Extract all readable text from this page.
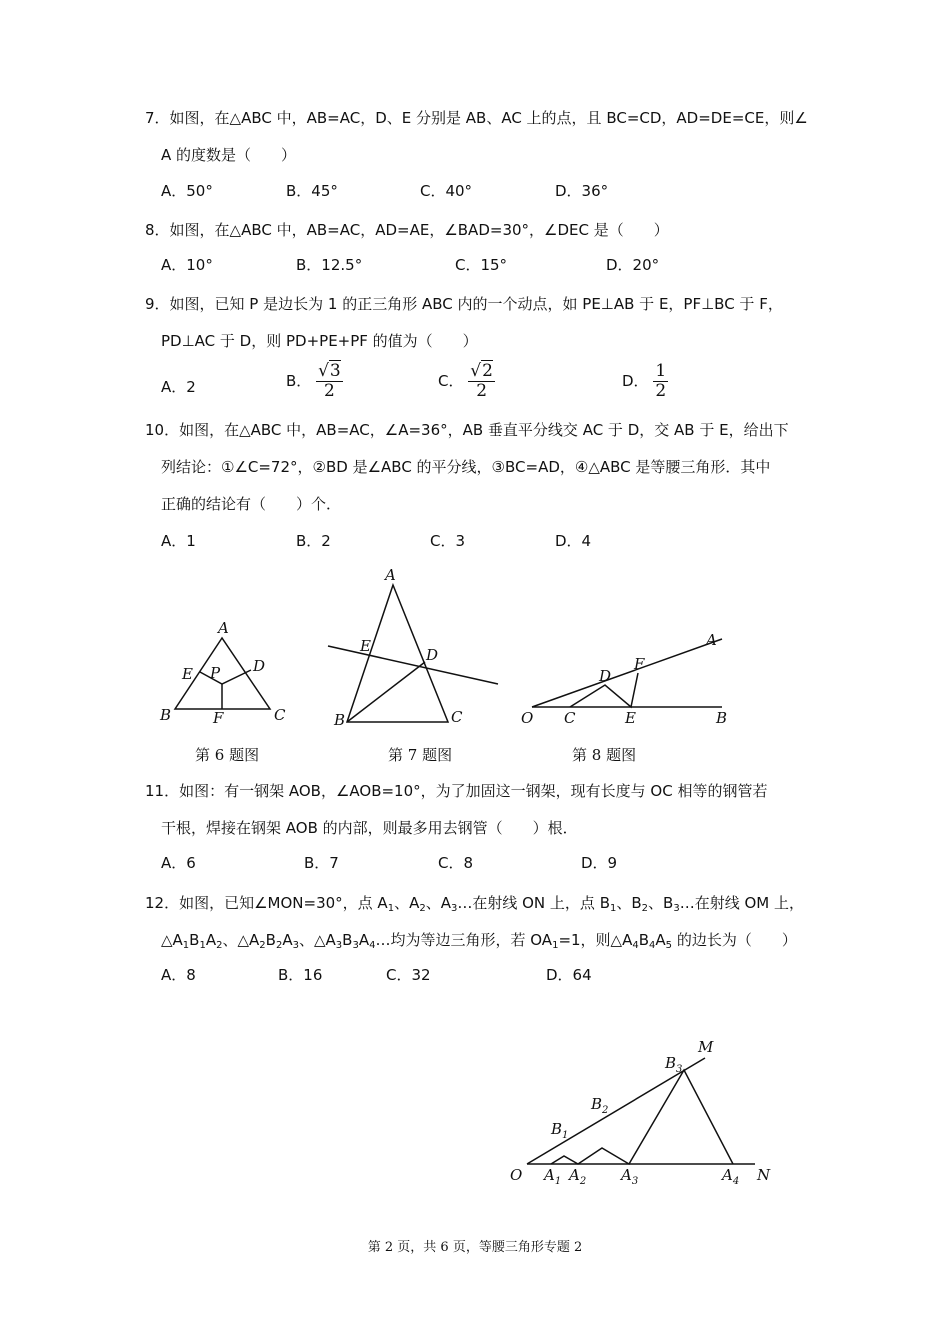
7．如图，在△ABC 中，AB=AC，D、E 分别是 AB、AC 上的点，且 BC=CD，AD=DE=CE，则∠

A 的度数是（　　）

A．50°	B．45°	C．40°	D．36°

8．如图，在△ABC 中，AB=AC，AD=AE，∠BAD=30°，∠DEC 是（　　）

A．10°	B．12.5°	C．15°	D．20°

9．如图，已知 P 是边长为 1 的正三角形 ABC 内的一个动点，如 PE⊥AB 于 E，PF⊥BC 于 F，

PD⊥AC 于 D，则 PD+PE+PF 的值为（　　）

A．2	B． $\frac{√3}{2}$	C． $\frac{√2}{2}$	D． $\frac{1}{2}$

10．如图，在△ABC 中，AB=AC，∠A=36°，AB 垂直平分线交 AC 于 D，交 AB 于 E，给出下

列结论：①∠C=72°，②BD 是∠ABC 的平分线，③BC=AD，④△ABC 是等腰三角形．其中

正确的结论有（　　）个．

A．1	B．2	C．3	D．4
A
E P D
B	F	C
A
E	D
B	C
A
D
F
O C	E	B
第 6 题图	第 7 题图	第 8 题图

11．如图：有一钢架 AOB，∠AOB=10°，为了加固这一钢架，现有长度与 OC 相等的钢管若

干根，焊接在钢架 AOB 的内部，则最多用去钢管（　　）根．

A．6	B．7	C．8	D．9

12．如图，已知∠MON=30°，点 $A_1$、$A_2$、$A_3\dots$在射线 ON 上，点 $B_1$、$B_2$、$B_3\dots$在射线 OM 上，

$\triangle A_1B_1A_2$、$\triangle A_2B_2A_3$、$\triangle A_3B_3A_4\dots$均为等边三角形，若 $OA_1=1$，则$\triangle A_4B_4A_5$ 的边长为（　　）

A．8	B．16	C．32	D．64
M
$B_3$
$B_2$
$B_1$
O $A_1$ $A_2$ $A_3$	$A_4$ N
第 2 页，共 6 页，等腰三角形专题 2
